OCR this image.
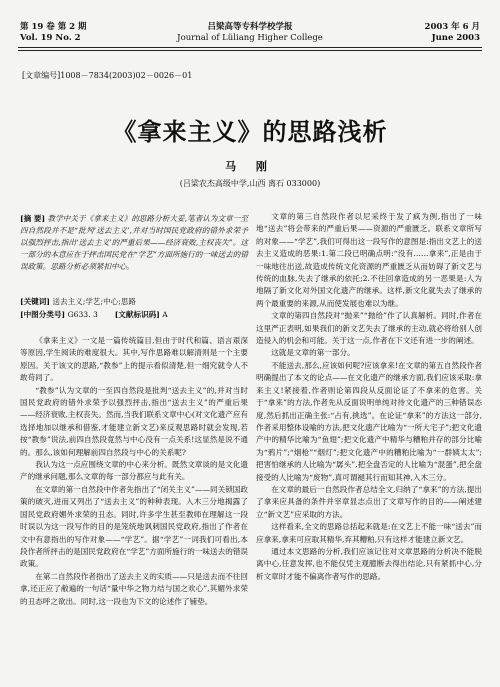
第 19 卷 第 2 期
Vol. 19 No. 2
吕梁高等专科学校学报
Journal of Lüliang Higher College
2003 年 6 月
June 2003
[文章编号]1008－7834(2003)02－0026－01
《拿来主义》的思路浅析
马 刚
(吕梁农杰高级中学,山西 离石 033000)
[摘 要] 教学中关于《拿来主义》的思路分析大妥,笔者认为文章一至四自然段并不是“批判‘送去主义’,并对当时国民党政府的错外求荣予以强烈抨击,指出‘送去主义’的严重后果——经济衰败,主权丧失”。这一部分的本意应在于抨击国民党在“学艺”方面所施行的一味送去的错误政策。思路分析必须紧扣中心。
[关键词] 送去主义;学艺;中心;思路
[中图分类号] G633. 3 [文献标识码] A

《拿来主义》一文是一篇传统篇目,但由于时代和篇、语言艰深等原因,学生阅读的难度很大。其中,写作思路难以解清则是一个主要原因。关于该文的思路,“教参”上的提示看似清楚,但一细究就令人不敢苟同了。

“教参”认为文章的一至四自然段是批判“送去主义”的,并对当时国民党政府的错外求荣予以强烈抨击,指出“送去主义”的严重后果——经济衰败,主权丧失。然而,当我们联系文章中心(对文化遗产应有选择地加以继承和借鉴,才能建立新文艺)来反观思路时就会发现,若按“教参”说法,前四自然段竟然与中心没有一点关系!这显然是说不通的。那么,该如何理解前四自然段与中心的关系呢?

我认为这一点应围绕文章的中心来分析。既然文章谈的是文化遗产的继承问题,那么文章的每一部分都应与此有关。

在文章的第一自然段中作者先指出了“闭关主义”——同关锁国政策的破灭,进而又列出了“送去主义”的种种表现。入木三分地揭露了国民党政府媚外求荣的丑态。同时,许多学生甚至教师在理解这一段时误以为这一段写作的目的是笼统地讽刺国民党政府,指出了作者在文中有意指出的写作对象——“学艺”。据“学艺”一词我们可看出,本段作者所抨击的是国民党政府在“学艺”方面所施行的一味送去的错误政策。

在第二自然段作者指出了送去主义的实质——只是送去而不往回拿,还正应了敝遍的一句话“量中华之物力结与国之欢心”,其媚外求荣的丑态呼之欲出。同时,这一段也为下文的论述作了铺垫。

文章的第三自然段作者以尼采终于发了疯为例,指出了一味地“送去”将会带来的严重后果——资源的严重匮乏。联系文章所写的对象——“学艺”,我们可得出这一段写作的意图是:指出文艺上的送去主义造成的恶果:1.第二段已明确点明:“没有……拿来”,正是由于一味地往出送,故造成传统文化资源的严重匮乏从而妨碍了新文艺与传统的血脉,失去了继承的依托;2.不往回拿造成的另一恶果是:人为地隔了新文化对外国文化遗产的继承。这样,新文化就失去了继承的两个最重要的来源,从而使发展也难以为继。

文章的第四自然段对“抛来”“抛给”作了认真解析。同时,作者在这里严正表明,如果我们的新文艺失去了继承的主动,就必将给别人创造侵入的机会和可能。关于这一点,作者在下文还有进一步的阐述。

这就是文章的第一部分。

不能送去,那么,应该如何呢?应该拿来!在文章的第五自然段作者明确提出了本文的论点——在文化遗产的继承方面,我们应该采取:拿来主义!紧接着,作者则论第四段从反面论证了不拿来的危害。关于“拿来”的方法,作者先从反面说明单纯对待文化遗产的三种错误态度,然后抓出正确主张:“占有,挑选”。在论证“拿来”的方法这一部分,作者采用整体设喻的方法,把文化遗产比喻为“一所大宅子”;把文化遗产中的精华比喻为“鱼翅”;把文化遗产中精华与糟粕并存的部分比喻为“鸦片”;“烟枪”“烟灯”;把文化遗产中的糟粕比喻为“一群姨太太”;把害怕继承的人比喻为“孱头”,把全盘否定的人比喻为“混蛋”,把全盘接受的人比喻为“废物”,真可谓褪其行而知其神,入木三分。

在文章的最后一自然段作者总结全文,归纳了“拿来”的方法,提出了拿来应具备的条件并宰章显志点出了文章写作的目的——阐述建立“新文艺”应采取的方法。

这样看来,全文的思路总括起来就是:在文艺上不能一味“送去”而应拿来,拿来可应取其精华,弃其糟粕,只有这样才能建立新文艺。

通过本文思路的分析,我们应该记住对文章思路的分析决不能脱离中心,任意发挥,也不能仅凭主观臆断去得出结论,只有紧抓中心,分析文章时才能不偏离作者写作的思路。
